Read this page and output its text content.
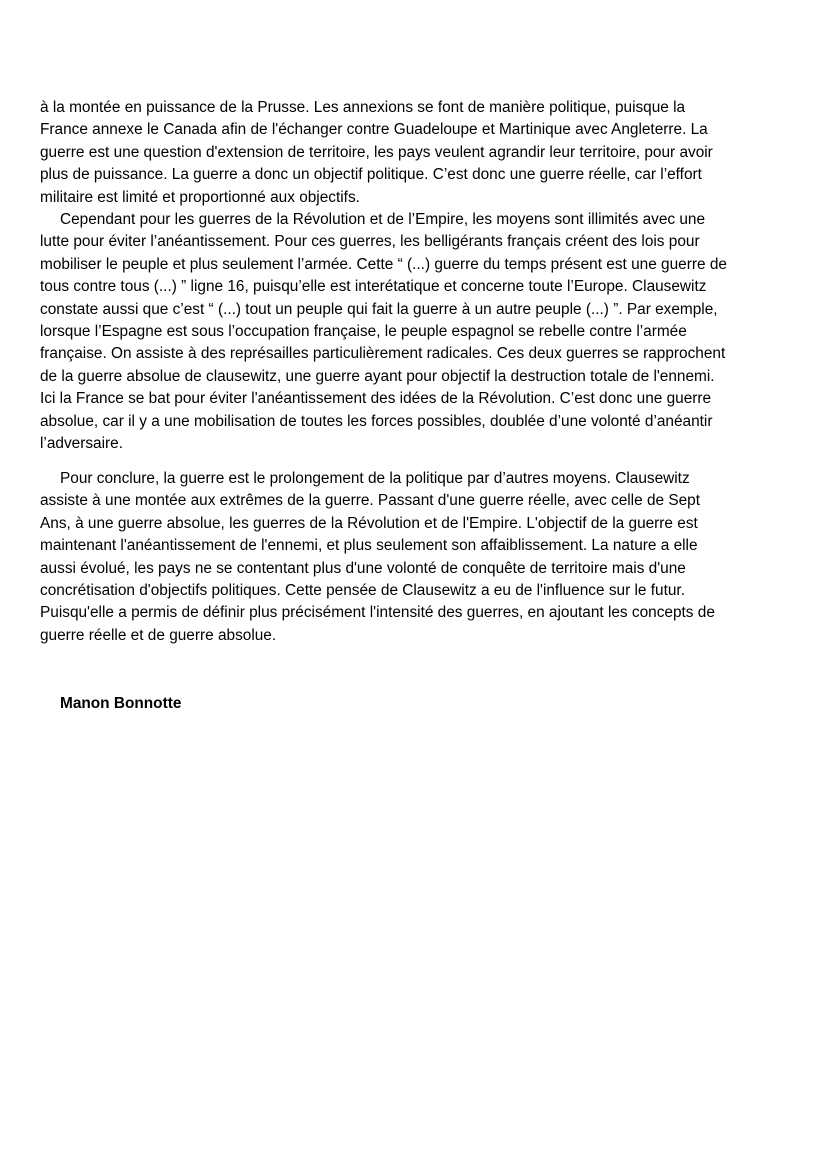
à la montée en puissance de la Prusse. Les annexions se font de manière politique, puisque la
France annexe le Canada afin de l'échanger contre Guadeloupe et Martinique avec Angleterre. La
guerre est une question d'extension de territoire, les pays veulent agrandir leur territoire, pour avoir
plus de puissance. La guerre a donc un objectif politique. C’est donc une guerre réelle, car l’effort
militaire est limité et proportionné aux objectifs.
Cependant pour les guerres de la Révolution et de l’Empire, les moyens sont illimités avec une
lutte pour éviter l’anéantissement. Pour ces guerres, les belligérants français créent des lois pour
mobiliser le peuple et plus seulement l’armée. Cette “ (...) guerre du temps présent est une guerre de
tous contre tous (...) ” ligne 16, puisqu’elle est interétatique et concerne toute l’Europe. Clausewitz
constate aussi que c’est “ (...) tout un peuple qui fait la guerre à un autre peuple (...) ”. Par exemple,
lorsque l’Espagne est sous l’occupation française, le peuple espagnol se rebelle contre l’armée
française. On assiste à des représailles particulièrement radicales. Ces deux guerres se rapprochent
de la guerre absolue de clausewitz, une guerre ayant pour objectif la destruction totale de l'ennemi.
Ici la France se bat pour éviter l'anéantissement des idées de la Révolution. C’est donc une guerre
absolue, car il y a une mobilisation de toutes les forces possibles, doublée d’une volonté d’anéantir
l’adversaire.
Pour conclure, la guerre est le prolongement de la politique par d’autres moyens. Clausewitz
assiste à une montée aux extrêmes de la guerre. Passant d'une guerre réelle, avec celle de Sept
Ans, à une guerre absolue, les guerres de la Révolution et de l'Empire. L'objectif de la guerre est
maintenant l'anéantissement de l'ennemi, et plus seulement son affaiblissement. La nature a elle
aussi évolué, les pays ne se contentant plus d'une volonté de conquête de territoire mais d'une
concrétisation d'objectifs politiques. Cette pensée de Clausewitz a eu de l'influence sur le futur.
Puisqu'elle a permis de définir plus précisément l'intensité des guerres, en ajoutant les concepts de
guerre réelle et de guerre absolue.

Manon Bonnotte
